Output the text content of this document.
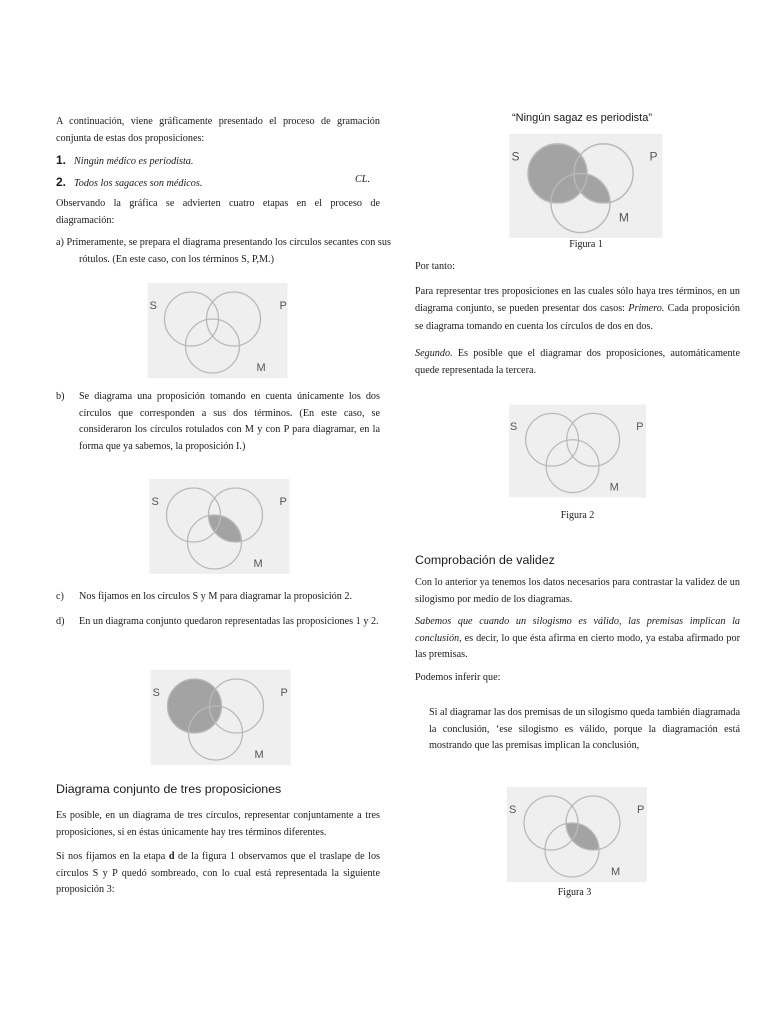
A continuación, viene gráficamente presentado el proceso de gramación conjunta de estas dos proposiciones:

1. Ningún médico es periodista.
2. Todos los sagaces son médicos.	CL.

Observando la gráfica se advierten cuatro etapas en el proceso de diagramación:

a) Primeramente, se prepara el diagrama presentando los círculos secantes con sus rótulos. (En este caso, con los términos S, P,M.)

S	P
M
b)	Se diagrama una proposición tomando en cuenta únicamente los dos círculos que corresponden a sus dos términos. (En este caso, se consideraron los círculos rotulados con M y con P para diagramar, en la forma que ya sabemos, la proposición I.)

S	P
M
c)	Nos fijamos en los círculos S y M para diagramar la proposición 2.

d)	En un diagrama conjunto quedaron representadas las proposiciones 1 y 2.

S	P
M
Diagrama conjunto de tres proposiciones

Es posible, en un diagrama de tres círculos, representar conjuntamente a tres proposiciones, si en éstas únicamente hay tres términos diferentes.

Si nos fijamos en la etapa d de la figura 1 observamos que el traslape de los círculos S y P quedó sombreado, con lo cual está representada la siguiente proposición 3:

“Ningún sagaz es periodista”
S	P
M
Figura 1

Por tanto:

Para representar tres proposiciones en las cuales sólo haya tres términos, en un diagrama conjunto, se pueden presentar dos casos: Primero. Cada proposición se diagrama tomando en cuenta los círculos de dos en dos.

Segundo. Es posible que el diagramar dos proposiciones, automáticamente quede representada la tercera.

S	P
M
Figura 2
Comprobación de validez

Con lo anterior ya tenemos los datos necesarios para contrastar la validez de un silogismo por medio de los diagramas.

Sabemos que cuando un silogismo es válido, las premisas implican la conclusión, es decir, lo que ésta afirma en cierto modo, ya estaba afirmado por las premisas.

Podemos inferir que:

Si al diagramar las dos premisas de un silogismo queda también diagramada la conclusión, ‘ese silogismo es válido, porque la diagramación está mostrando que las premisas implican la conclusión,

S	P
M
Figura 3
